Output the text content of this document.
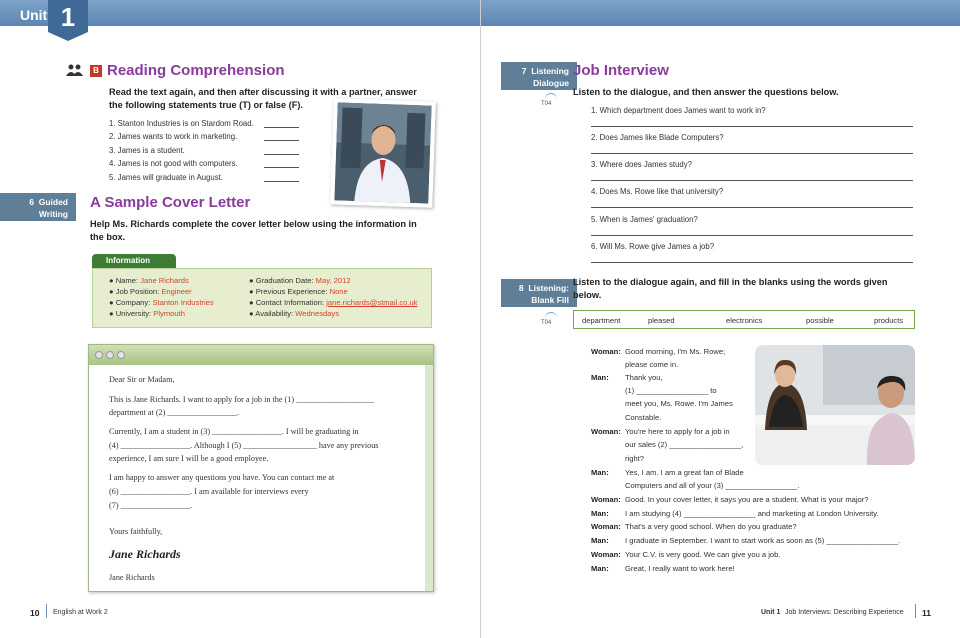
Unit 1
B Reading Comprehension
Read the text again, and then after discussing it with a partner, answer the following statements true (T) or false (F).
1. Stanton Industries is on Stardom Road.
2. James wants to work in marketing.
3. James is a student.
4. James is not good with computers.
5. James will graduate in August.
6 Guided
Writing
A Sample Cover Letter
Help Ms. Richards complete the cover letter below using the information in the box.
Information
● Name: Jane Richards
● Job Position: Engineer
● Company: Stanton Industries
● University: Plymouth
● Graduation Date: May, 2012
● Previous Experience: None
● Contact Information: jane.richards@stmail.co.uk
● Availability: Wednesdays
Dear Sir or Madam,
This is Jane Richards. I want to apply for a job in the (1) ___________________
department at (2) _________________.
Currently, I am a student in (3) _________________. I will be graduating in
(4) _________________. Although I (5) __________________ have any previous
experience, I am sure I will be a good employee.
I am happy to answer any questions you have. You can contact me at
(6) _________________. I am available for interviews every
(7) _________________.
Yours faithfully,
Jane Richards
Jane Richards
10 English at Work 2
7 Listening
Dialogue
T04
Job Interview
Listen to the dialogue, and then answer the questions below.
1. Which department does James want to work in?
2. Does James like Blade Computers?
3. Where does James study?
4. Does Ms. Rowe like that university?
5. When is James' graduation?
6. Will Ms. Rowe give James a job?
8 Listening:
Blank Fill
T04
Listen to the dialogue again, and fill in the blanks using the words given below.
department	pleased	electronics	possible	products
Woman: Good morning, I'm Ms. Rowe;
please come in.
Man: Thank you,
(1) _________________ to
meet you, Ms. Rowe. I'm James
Constable.
Woman: You're here to apply for a job in
our sales (2) _________________,
right?
Man: Yes, I am. I am a great fan of Blade
Computers and all of your (3) _________________.
Woman: Good. In your cover letter, it says you are a student. What is your major?
Man: I am studying (4) _________________ and marketing at London University.
Woman: That's a very good school. When do you graduate?
Man: I graduate in September. I want to start work as soon as (5) _________________.
Woman: Your C.V. is very good. We can give you a job.
Man: Great, I really want to work here!
Unit 1 Job Interviews: Describing Experience 11
